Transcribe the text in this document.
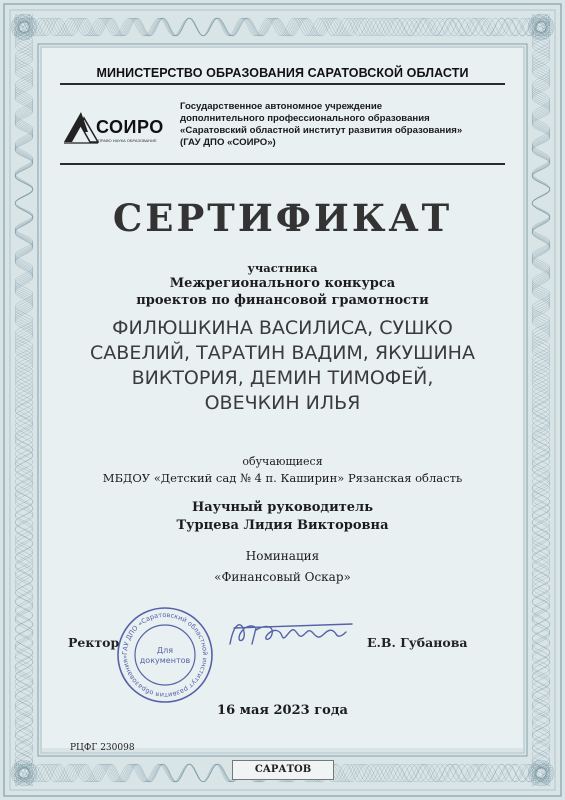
МИНИСТЕРСТВО ОБРАЗОВАНИЯ САРАТОВСКОЙ ОБЛАСТИ
СОИРО
ПРАВО НАУКА ОБРАЗОВАНИЕ
Государственное автономное учреждение
дополнительного профессионального образования
«Саратовский областной институт развития образования»
(ГАУ ДПО «СОИРО»)
СЕРТИФИКАТ
участника
Межрегионального конкурса
проектов по финансовой грамотности
ФИЛЮШКИНА ВАСИЛИСА, СУШКО
САВЕЛИЙ, ТАРАТИН ВАДИМ, ЯКУШИНА
ВИКТОРИЯ, ДЕМИН ТИМОФЕЙ,
ОВЕЧКИН ИЛЬЯ
обучающиеся
МБДОУ «Детский сад № 4 п. Каширин» Рязанская область
Научный руководитель
Турцева Лидия Викторовна
Номинация
«Финансовый Оскар»
Ректор
ГАУ ДПО «Саратовский областной институт развития образования»
Для
документов
Е.В. Губанова
16 мая 2023 года
РЦФГ 230098
САРАТОВ
